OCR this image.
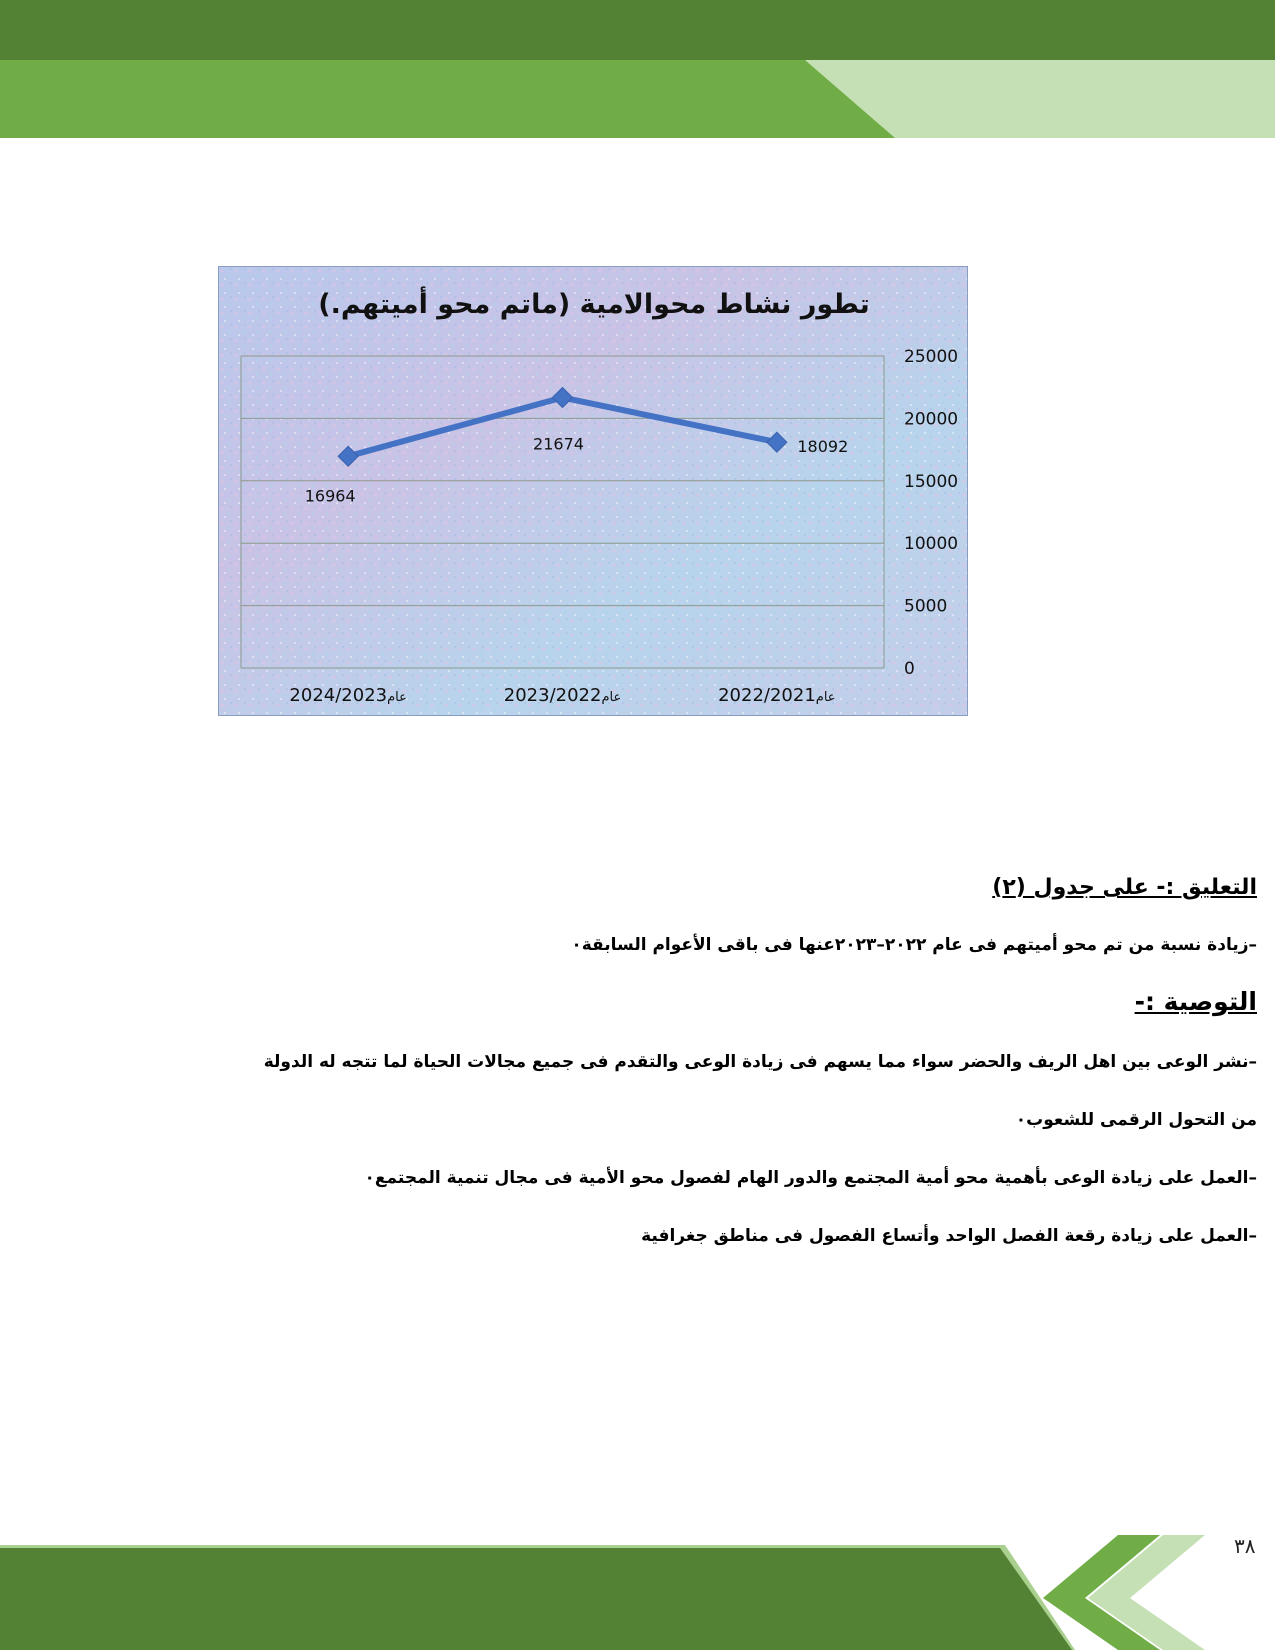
تطور نشاط محوالامية (ماتم محو أميتهم.)
0
5000
10000
15000
20000
25000
2022/2021عام
2023/2022عام
2024/2023عام
18092
21674
16964
التعليق :- على جدول (٢)
–زيادة نسبة من تم محو أميتهم فى عام ٢٠٢٢–٢٠٢٣عنها فى باقى الأعوام السابقة٠
التوصية :-
–نشر الوعى بين اهل الريف والحضر سواء مما يسهم فى زيادة الوعى والتقدم فى جميع مجالات الحياة لما تتجه له الدولة
من التحول الرقمى للشعوب٠
–العمل على زيادة الوعى بأهمية محو أمية المجتمع والدور الهام لفصول محو الأمية فى مجال تنمية المجتمع٠
–العمل على زيادة رقعة الفصل الواحد وأتساع الفصول فى مناطق جغرافية
٣٨
